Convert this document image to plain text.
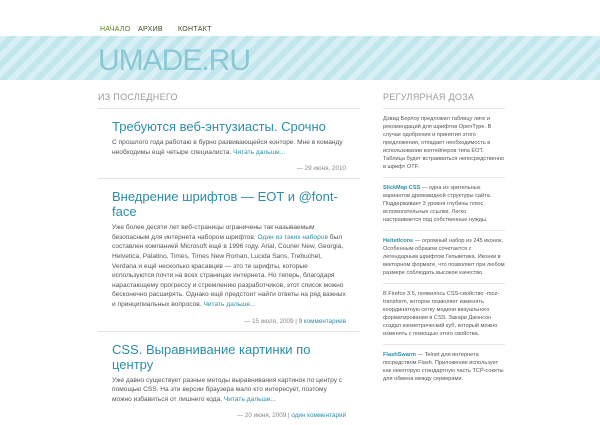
НАЧАЛО АРХИВ КОНТАКТ
UMADE.RU
ИЗ ПОСЛЕДНЕГО
Требуются веб-энтузиасты. Срочно

С прошлого года работаю в бурно развивающейся конторе. Мне в команду необходимы ещё четыре специалиста. Читать дальше...

— 29 июня, 2010
Внедрение шрифтов — EOT и @font-face

Уже более десяти лет веб-страницы ограничены так называемым безопасным для интернета набором шрифтов. Один из таких наборов был составлен компанией Microsoft ещё в 1996 году. Arial, Courier New, Georgia, Helvetica, Palatino, Times, Times New Roman, Lucida Sans, Trebuchet, Verdana и ещё несколько красавцев — это те шрифты, которые используются почти на всех страницах интернета. Но теперь, благодаря нарастающему прогрессу и стремлению разработчиков, этот список можно бесконечно расширять. Однако ещё предстоит найти ответы на ряд важных и принципиальных вопросов. Читать дальше...

— 15 июля, 2009 | 9 комментариев
CSS. Выравнивание картинки по центру

Уже давно существует разные методы выравнивания картинок по центру с помощью CSS. На эти версии браузера мало кто интересует, поэтому можно избавиться от лишнего кода. Читать дальше...

— 20 июня, 2009 | один комментарий
РЕГУЛЯРНАЯ ДОЗА
Дэвид Берлоу предложил таблицу лиге и рекомендаций для шрифтов OpenType. В случае одобрения и принятия этого предложения, отпадает необходимость в использовании контейнеров типа EOT. Таблица будет встраиваться непосредственно в шрифт OTF.
SlickMap CSS — одна из зрительных вариантов древовидной структуры сайта. Поддерживает 3 уровня глубины плюс вспомогательные ссылки. Легко настраивается под собственные нужды.
HeltetIcons — огромный набор из 245 иконок. Особенным образом сочетается с легендарным шрифтом Гельветика. Иконки в векторном формате, что позволяет при любом размере соблюдать высокое качество.
В Firefox 3.5, появилось CSS-свойство -moz-transform, которое позволяет изменять координатную сетку модели визуального форматирования в CSS. Закари Джонсон создал изометрический куб, который можно изменять с помощью этого свойства.
FlashSwarm — Telnet для интернета посредством Flash. Приложение использует как некоторую стандартную часть TCP-сокеты для обмена между серверами.
